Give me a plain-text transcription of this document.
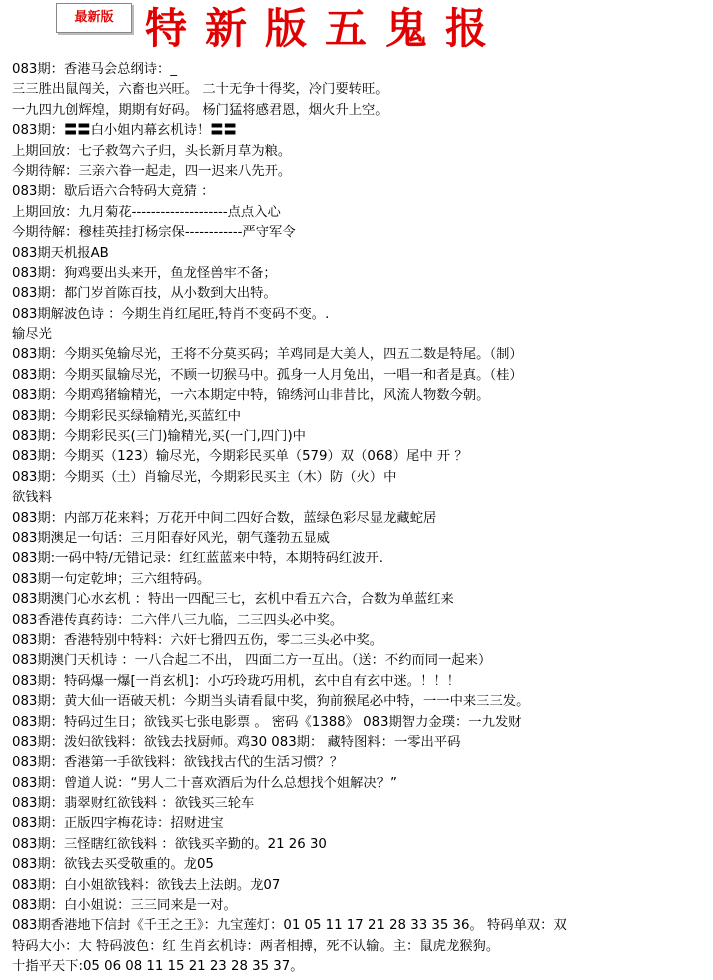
最新版 特新版五鬼报
083期：香港马会总纲诗：_
三三胜出鼠闯关，六畜也兴旺。 二十无争十得奖，冷门要转旺。
一九四九创辉煌，期期有好码。 杨门猛将感君恩，烟火升上空。
083期：〓〓白小姐内幕玄机诗！〓〓
上期回放：七子救驾六子归，头长新月草为粮。
今期待解：三亲六眷一起走，四一迟来八先开。
083期：歇后语六合特码大竟猜 ：
上期回放：九月菊花--------------------点点入心
今期待解：穆桂英挂打杨宗保------------严守军令
083期天机报AB
083期：狗鸡要出头来开，鱼龙怪兽牢不备；
083期：都门岁首陈百技，从小数到大出特。
083期解波色诗 ：今期生肖红尾旺,特肖不变码不变。.
输尽光
083期：今期买兔输尽光，王将不分莫买码；羊鸡同是大美人，四五二数是特尾。（制）
083期：今期买鼠输尽光，不顾一切猴马中。孤身一人月兔出，一唱一和者是真。（桂）
083期：今期鸡猪输精光，一六本期定中特，锦绣河山非昔比，风流人物数今朝。
083期：今期彩民买绿输精光,买蓝红中
083期：今期彩民买(三门)输精光,买(一门,四门)中
083期：今期买（123）输尽光，今期彩民买单（579）双（068）尾中 开 ？
083期：今期买（土）肖输尽光，今期彩民买主（木）防（火）中
欲钱料
083期：内部万花来料；万花开中间二四好合数，蓝绿色彩尽显龙藏蛇居
083期澳足一句话：三月阳春好风光，朝气蓬勃五显威
083期:一码中特/无错记录：红红蓝蓝来中特，本期特码红波开.
083期一句定乾坤；三六组特码。
083期澳门心水玄机 ：特出一四配三七，玄机中看五六合，合数为单蓝红来
083香港传真药诗：二六伴八三九临，二三四头必中奖。
083期：香港特别中特料：六奸七猾四五伤，零二三头必中奖。
083期澳门天机诗 ：一八合起二不出， 四面二方一互出。（送：不约而同一起来）
083期：特码爆一爆[一肖玄机]：小巧玲珑巧用机，玄中自有玄中迷。！！！
083期：黄大仙一语破天机：今期当头请看鼠中奖，狗前猴尾必中特，一一中来三三发。
083期：特码过生日；欲钱买七张电影票 。 密码《1388》 083期智力金璞：一九发财
083期：泼妇欲钱料：欲钱去找厨师。鸡30 083期： 藏特图料：一零出平码
083期：香港第一手欲钱料：欲钱找古代的生活习惯？？
083期：曾道人说：“男人二十喜欢酒后为什么总想找个姐解决？”
083期：翡翠财红欲钱料 ：欲钱买三轮车
083期：正版四字梅花诗：招财进宝
083期：三怪瞎红欲钱料 ：欲钱买辛勤的。21 26 30
083期：欲钱去买受敬重的。龙05
083期：白小姐欲钱料：欲钱去上法朗。龙07
083期：白小姐说：三三同来是一对。
083期香港地下信封《千王之王》：九宝莲灯：01 05 11 17 21 28 33 35 36。 特码单双：双
特码大小：大 特码波色：红 生肖玄机诗：两者相搏，死不认输。主：鼠虎龙猴狗。
十指平天下:05 06 08 11 15 21 23 28 35 37。
